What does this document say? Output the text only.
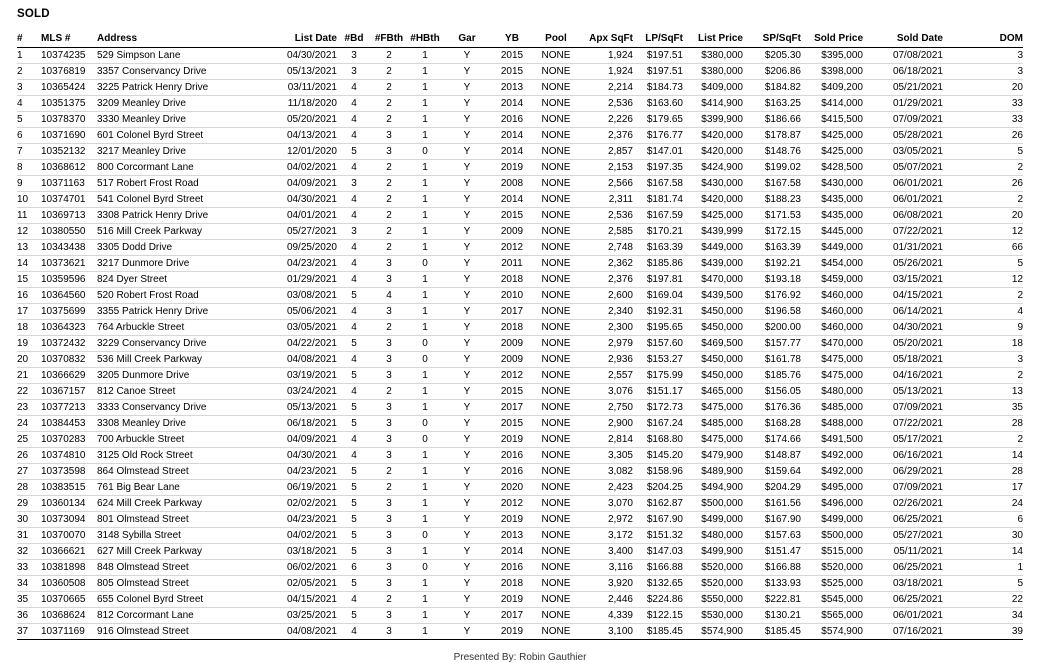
SOLD
#	MLS #	Address	List Date	#Bd	#FBth	#HBth	Gar	YB	Pool	Apx SqFt	LP/SqFt	List Price	SP/SqFt	Sold Price	Sold Date	DOM
1	10374235	529 Simpson Lane	04/30/2021	3	2	1	Y	2015	NONE	1,924	$197.51	$380,000	$205.30	$395,000	07/08/2021	3
2	10376819	3357 Conservancy Drive	05/13/2021	3	2	1	Y	2015	NONE	1,924	$197.51	$380,000	$206.86	$398,000	06/18/2021	3
3	10365424	3225 Patrick Henry Drive	03/11/2021	4	2	1	Y	2013	NONE	2,214	$184.73	$409,000	$184.82	$409,200	05/21/2021	20
4	10351375	3209 Meanley Drive	11/18/2020	4	2	1	Y	2014	NONE	2,536	$163.60	$414,900	$163.25	$414,000	01/29/2021	33
5	10378370	3330 Meanley Drive	05/20/2021	4	2	1	Y	2016	NONE	2,226	$179.65	$399,900	$186.66	$415,500	07/09/2021	33
6	10371690	601 Colonel Byrd Street	04/13/2021	4	3	1	Y	2014	NONE	2,376	$176.77	$420,000	$178.87	$425,000	05/28/2021	26
7	10352132	3217 Meanley Drive	12/01/2020	5	3	0	Y	2014	NONE	2,857	$147.01	$420,000	$148.76	$425,000	03/05/2021	5
8	10368612	800 Corcormant Lane	04/02/2021	4	2	1	Y	2019	NONE	2,153	$197.35	$424,900	$199.02	$428,500	05/07/2021	2
9	10371163	517 Robert Frost Road	04/09/2021	3	2	1	Y	2008	NONE	2,566	$167.58	$430,000	$167.58	$430,000	06/01/2021	26
10	10374701	541 Colonel Byrd Street	04/30/2021	4	2	1	Y	2014	NONE	2,311	$181.74	$420,000	$188.23	$435,000	06/01/2021	2
11	10369713	3308 Patrick Henry Drive	04/01/2021	4	2	1	Y	2015	NONE	2,536	$167.59	$425,000	$171.53	$435,000	06/08/2021	20
12	10380550	516 Mill Creek Parkway	05/27/2021	3	2	1	Y	2009	NONE	2,585	$170.21	$439,999	$172.15	$445,000	07/22/2021	12
13	10343438	3305 Dodd Drive	09/25/2020	4	2	1	Y	2012	NONE	2,748	$163.39	$449,000	$163.39	$449,000	01/31/2021	66
14	10373621	3217 Dunmore Drive	04/23/2021	4	3	0	Y	2011	NONE	2,362	$185.86	$439,000	$192.21	$454,000	05/26/2021	5
15	10359596	824 Dyer Street	01/29/2021	4	3	1	Y	2018	NONE	2,376	$197.81	$470,000	$193.18	$459,000	03/15/2021	12
16	10364560	520 Robert Frost Road	03/08/2021	5	4	1	Y	2010	NONE	2,600	$169.04	$439,500	$176.92	$460,000	04/15/2021	2
17	10375699	3355 Patrick Henry Drive	05/06/2021	4	3	1	Y	2017	NONE	2,340	$192.31	$450,000	$196.58	$460,000	06/14/2021	4
18	10364323	764 Arbuckle Street	03/05/2021	4	2	1	Y	2018	NONE	2,300	$195.65	$450,000	$200.00	$460,000	04/30/2021	9
19	10372432	3229 Conservancy Drive	04/22/2021	5	3	0	Y	2009	NONE	2,979	$157.60	$469,500	$157.77	$470,000	05/20/2021	18
20	10370832	536 Mill Creek Parkway	04/08/2021	4	3	0	Y	2009	NONE	2,936	$153.27	$450,000	$161.78	$475,000	05/18/2021	3
21	10366629	3205 Dunmore Drive	03/19/2021	5	3	1	Y	2012	NONE	2,557	$175.99	$450,000	$185.76	$475,000	04/16/2021	2
22	10367157	812 Canoe Street	03/24/2021	4	2	1	Y	2015	NONE	3,076	$151.17	$465,000	$156.05	$480,000	05/13/2021	13
23	10377213	3333 Conservancy Drive	05/13/2021	5	3	1	Y	2017	NONE	2,750	$172.73	$475,000	$176.36	$485,000	07/09/2021	35
24	10384453	3308 Meanley Drive	06/18/2021	5	3	0	Y	2015	NONE	2,900	$167.24	$485,000	$168.28	$488,000	07/22/2021	28
25	10370283	700 Arbuckle Street	04/09/2021	4	3	0	Y	2019	NONE	2,814	$168.80	$475,000	$174.66	$491,500	05/17/2021	2
26	10374810	3125 Old Rock Street	04/30/2021	4	3	1	Y	2016	NONE	3,305	$145.20	$479,900	$148.87	$492,000	06/16/2021	14
27	10373598	864 Olmstead Street	04/23/2021	5	2	1	Y	2016	NONE	3,082	$158.96	$489,900	$159.64	$492,000	06/29/2021	28
28	10383515	761 Big Bear Lane	06/19/2021	5	2	1	Y	2020	NONE	2,423	$204.25	$494,900	$204.29	$495,000	07/09/2021	17
29	10360134	624 Mill Creek Parkway	02/02/2021	5	3	1	Y	2012	NONE	3,070	$162.87	$500,000	$161.56	$496,000	02/26/2021	24
30	10373094	801 Olmstead Street	04/23/2021	5	3	1	Y	2019	NONE	2,972	$167.90	$499,000	$167.90	$499,000	06/25/2021	6
31	10370070	3148 Sybilla Street	04/02/2021	5	3	0	Y	2013	NONE	3,172	$151.32	$480,000	$157.63	$500,000	05/27/2021	30
32	10366621	627 Mill Creek Parkway	03/18/2021	5	3	1	Y	2014	NONE	3,400	$147.03	$499,900	$151.47	$515,000	05/11/2021	14
33	10381898	848 Olmstead Street	06/02/2021	6	3	0	Y	2016	NONE	3,116	$166.88	$520,000	$166.88	$520,000	06/25/2021	1
34	10360508	805 Olmstead Street	02/05/2021	5	3	1	Y	2018	NONE	3,920	$132.65	$520,000	$133.93	$525,000	03/18/2021	5
35	10370665	655 Colonel Byrd Street	04/15/2021	4	2	1	Y	2019	NONE	2,446	$224.86	$550,000	$222.81	$545,000	06/25/2021	22
36	10368624	812 Corcormant Lane	03/25/2021	5	3	1	Y	2017	NONE	4,339	$122.15	$530,000	$130.21	$565,000	06/01/2021	34
37	10371169	916 Olmstead Street	04/08/2021	4	3	1	Y	2019	NONE	3,100	$185.45	$574,900	$185.45	$574,900	07/16/2021	39
Presented By: Robin Gauthier
